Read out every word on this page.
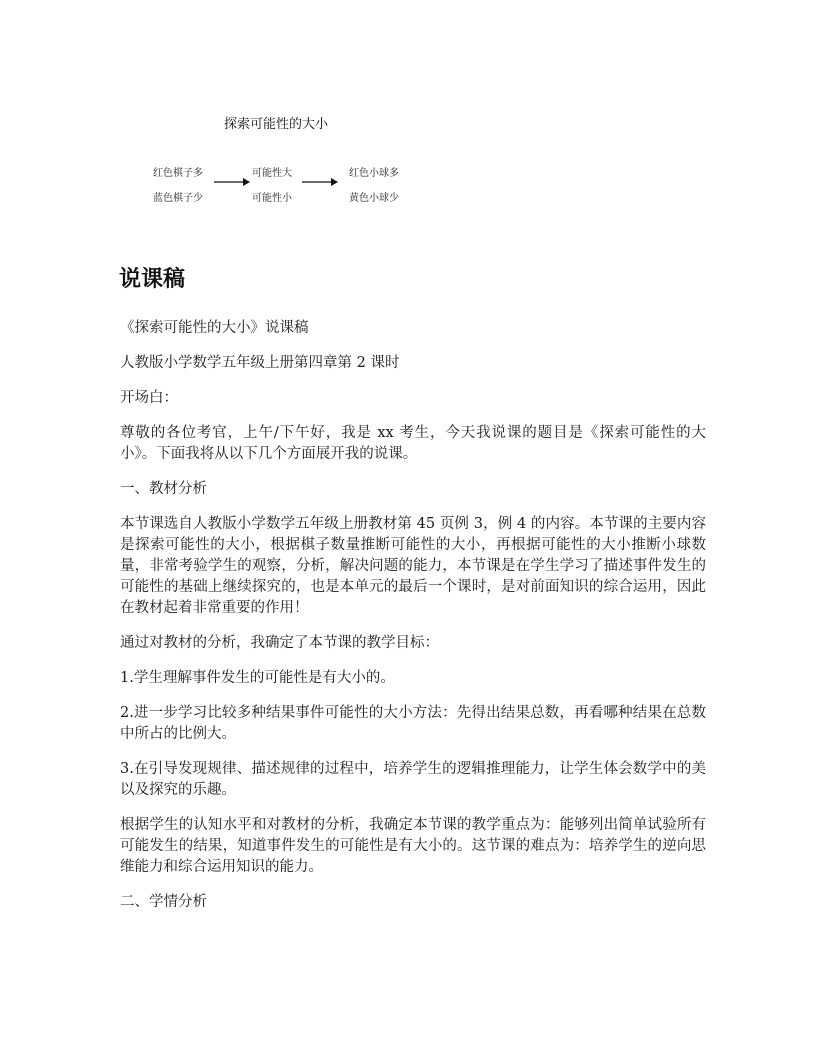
探索可能性的大小
红色棋子多
蓝色棋子少
可能性大
可能性小
红色小球多
黄色小球少
说课稿

《探索可能性的大小》说课稿

人教版小学数学五年级上册第四章第 2 课时

开场白：

尊敬的各位考官，上午/下午好，我是 xx 考生，今天我说课的题目是《探索可能性的大小》。下面我将从以下几个方面展开我的说课。

一、教材分析

本节课选自人教版小学数学五年级上册教材第 45 页例 3，例 4 的内容。本节课的主要内容是探索可能性的大小，根据棋子数量推断可能性的大小，再根据可能性的大小推断小球数量，非常考验学生的观察，分析，解决问题的能力，本节课是在学生学习了描述事件发生的可能性的基础上继续探究的，也是本单元的最后一个课时，是对前面知识的综合运用，因此在教材起着非常重要的作用！

通过对教材的分析，我确定了本节课的教学目标：

1.学生理解事件发生的可能性是有大小的。

2.进一步学习比较多种结果事件可能性的大小方法：先得出结果总数，再看哪种结果在总数中所占的比例大。

3.在引导发现规律、描述规律的过程中，培养学生的逻辑推理能力，让学生体会数学中的美以及探究的乐趣。

根据学生的认知水平和对教材的分析，我确定本节课的教学重点为：能够列出简单试验所有可能发生的结果，知道事件发生的可能性是有大小的。这节课的难点为：培养学生的逆向思维能力和综合运用知识的能力。

二、学情分析
